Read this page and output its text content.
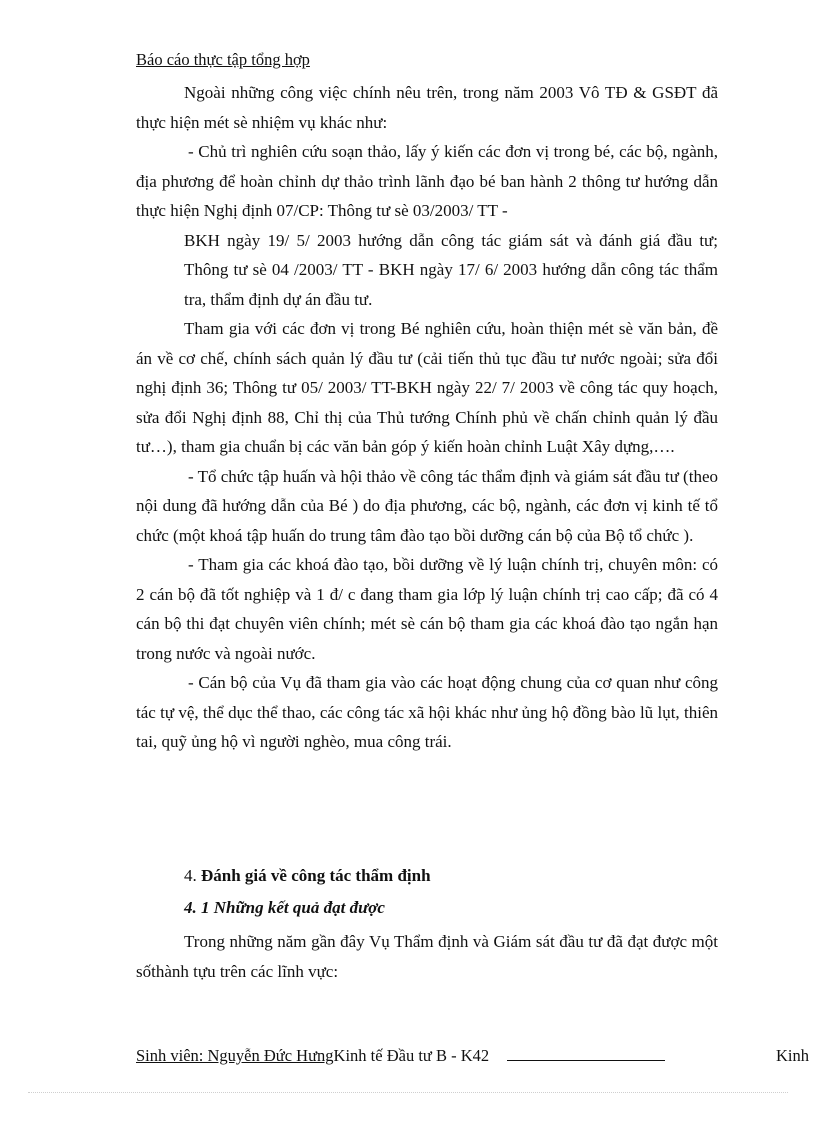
Báo cáo thực tập tổng hợp

Ngoài những công việc chính nêu trên, trong năm 2003 Vô TĐ & GSĐT đã thực hiện mét sè nhiệm vụ khác như:

- Chủ trì nghiên cứu soạn thảo, lấy ý kiến các đơn vị trong bé, các bộ, ngành, địa phương để hoàn chỉnh dự thảo trình lãnh đạo bé ban hành 2 thông tư hướng dẫn thực hiện Nghị định 07/CP: Thông tư sè 03/2003/ TT -

BKH ngày 19/ 5/ 2003 hướng dẫn công tác giám sát và đánh giá đầu tư; Thông tư sè 04 /2003/ TT - BKH ngày 17/ 6/ 2003 hướng dẫn công tác thẩm tra, thẩm định dự án đầu tư.

Tham gia với các đơn vị trong Bé nghiên cứu, hoàn thiện mét sè văn bản, đề án về cơ chế, chính sách quản lý đầu tư (cải tiến thủ tục đầu tư nước ngoài; sửa đổi nghị định 36; Thông tư 05/ 2003/ TT-BKH ngày 22/ 7/ 2003 về công tác quy hoạch, sửa đổi Nghị định 88, Chỉ thị của Thủ tướng Chính phủ về chấn chỉnh quản lý đầu tư…), tham gia chuẩn bị các văn bản góp ý kiến hoàn chỉnh Luật Xây dựng,….

- Tổ chức tập huấn và hội thảo về công tác thẩm định và giám sát đầu tư (theo nội dung đã hướng dẫn của Bé ) do địa phương, các bộ, ngành, các đơn vị kinh tế tổ chức (một khoá tập huấn do trung tâm đào tạo bồi dưỡng cán bộ của Bộ tổ chức ).

- Tham gia các khoá đào tạo, bồi dưỡng về lý luận chính trị, chuyên môn: có 2 cán bộ đã tốt nghiệp và 1 đ/ c đang tham gia lớp lý luận chính trị cao cấp; đã có 4 cán bộ thi đạt chuyên viên chính; mét sè cán bộ tham gia các khoá đào tạo ngắn hạn trong nước và ngoài nước.

- Cán bộ của Vụ đã tham gia vào các hoạt động chung của cơ quan như công tác tự vệ, thể dục thể thao, các công tác xã hội khác như ủng hộ đồng bào lũ lụt, thiên tai, quỹ ủng hộ vì người nghèo, mua công trái.

4. Đánh giá về công tác thẩm định
4. 1 Những kết quả đạt được

Trong những năm gần đây Vụ Thẩm định và Giám sát đầu tư đã đạt được một sốthành tựu trên các lĩnh vực:

Sinh viên: Nguyễn Đức HưngKinh tế Đầu tư B - K42	Kinh
